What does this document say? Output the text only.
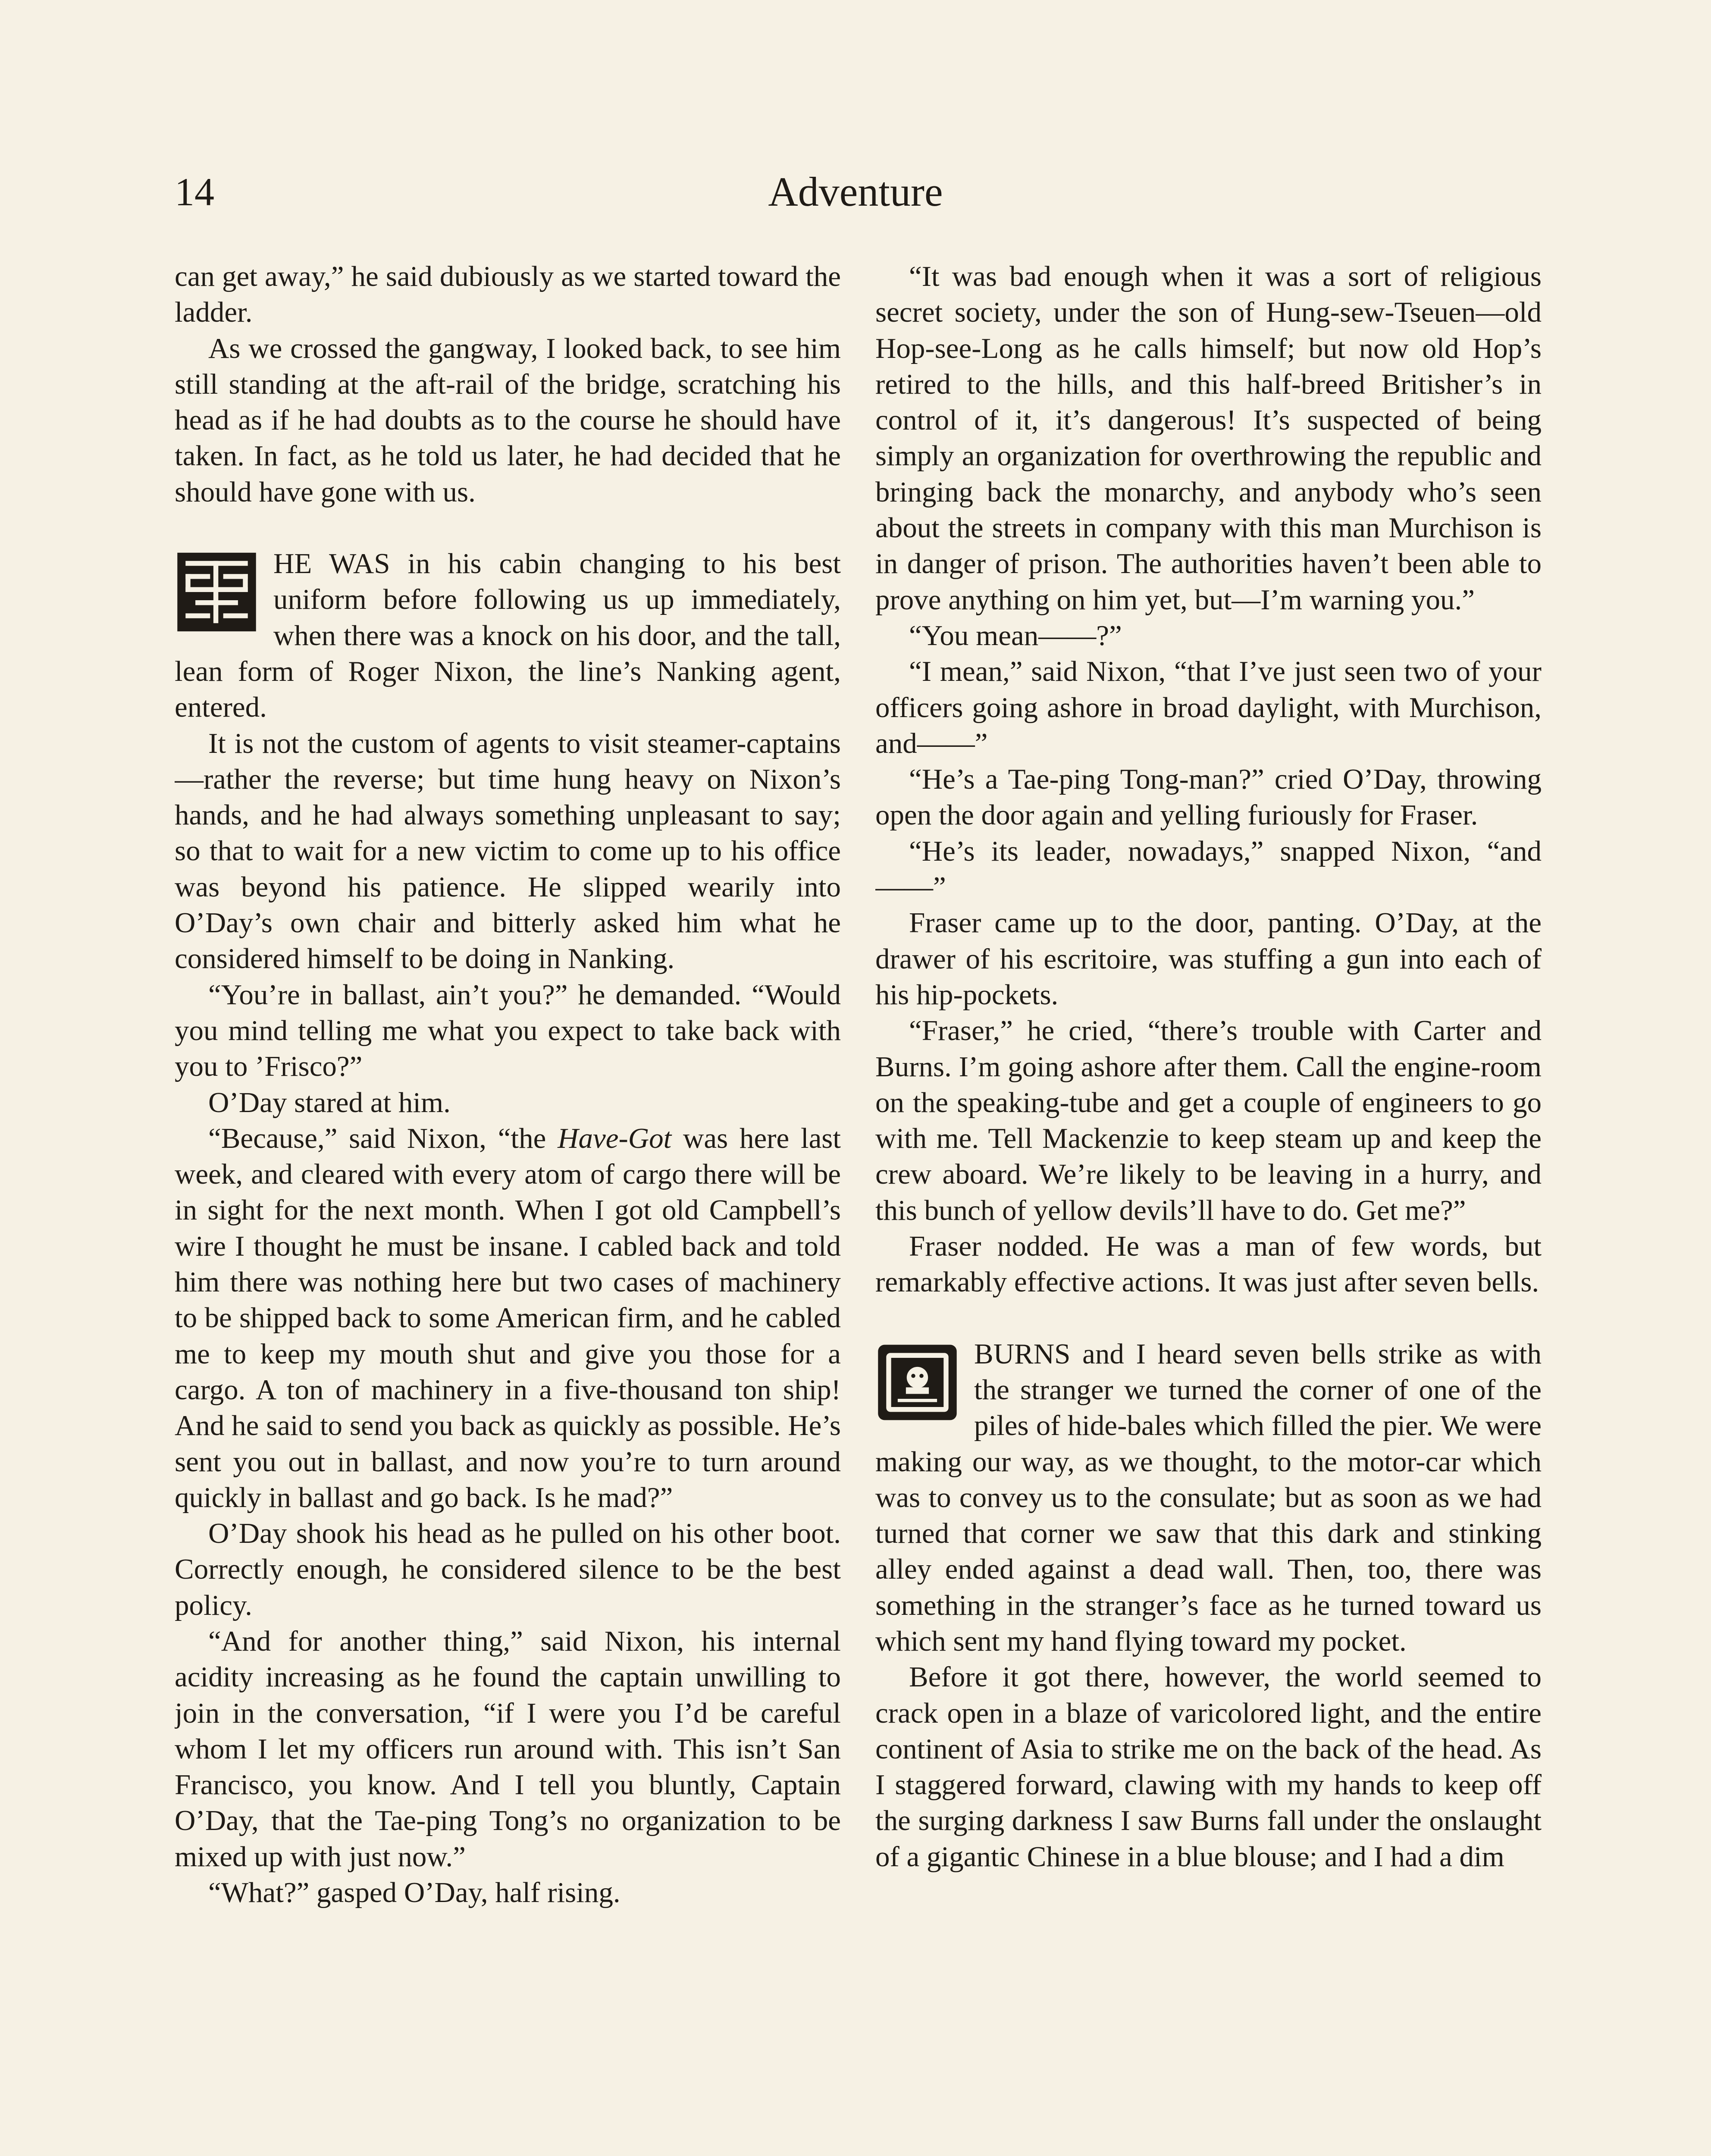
14	Adventure

can get away,” he said dubiously as we started toward the ladder.

As we crossed the gangway, I looked back, to see him still standing at the aft-rail of the bridge, scratching his head as if he had doubts as to the course he should have taken. In fact, as he told us later, he had decided that he should have gone with us.

HE WAS in his cabin changing to his best uniform before following us up immediately, when there was a knock on his door, and the tall, lean form of Roger Nixon, the line’s Nanking agent, entered.

It is not the custom of agents to visit steamer-captains—rather the reverse; but time hung heavy on Nixon’s hands, and he had always something unpleasant to say; so that to wait for a new victim to come up to his office was beyond his patience. He slipped wearily into O’Day’s own chair and bitterly asked him what he considered himself to be doing in Nanking.

“You’re in ballast, ain’t you?” he demanded. “Would you mind telling me what you expect to take back with you to ’Frisco?”

O’Day stared at him.

“Because,” said Nixon, “the Have-Got was here last week, and cleared with every atom of cargo there will be in sight for the next month. When I got old Campbell’s wire I thought he must be insane. I cabled back and told him there was nothing here but two cases of machinery to be shipped back to some American firm, and he cabled me to keep my mouth shut and give you those for a cargo. A ton of machinery in a five-thousand ton ship! And he said to send you back as quickly as possible. He’s sent you out in ballast, and now you’re to turn around quickly in ballast and go back. Is he mad?”

O’Day shook his head as he pulled on his other boot. Correctly enough, he considered silence to be the best policy.

“And for another thing,” said Nixon, his internal acidity increasing as he found the captain unwilling to join in the conversation, “if I were you I’d be careful whom I let my officers run around with. This isn’t San Francisco, you know. And I tell you bluntly, Captain O’Day, that the Tae-ping Tong’s no organization to be mixed up with just now.”

“What?” gasped O’Day, half rising.

“It was bad enough when it was a sort of religious secret society, under the son of Hung-sew-Tseuen—old Hop-see-Long as he calls himself; but now old Hop’s retired to the hills, and this half-breed Britisher’s in control of it, it’s dangerous! It’s suspected of being simply an organization for overthrowing the republic and bringing back the monarchy, and anybody who’s seen about the streets in company with this man Murchison is in danger of prison. The authorities haven’t been able to prove anything on him yet, but—I’m warning you.”

“You mean——?”

“I mean,” said Nixon, “that I’ve just seen two of your officers going ashore in broad daylight, with Murchison, and——”

“He’s a Tae-ping Tong-man?” cried O’Day, throwing open the door again and yelling furiously for Fraser.

“He’s its leader, nowadays,” snapped Nixon, “and——”

Fraser came up to the door, panting. O’Day, at the drawer of his escritoire, was stuffing a gun into each of his hip-pockets.

“Fraser,” he cried, “there’s trouble with Carter and Burns. I’m going ashore after them. Call the engine-room on the speaking-tube and get a couple of engineers to go with me. Tell Mackenzie to keep steam up and keep the crew aboard. We’re likely to be leaving in a hurry, and this bunch of yellow devils’ll have to do. Get me?”

Fraser nodded. He was a man of few words, but remarkably effective actions. It was just after seven bells.

BURNS and I heard seven bells strike as with the stranger we turned the corner of one of the piles of hide-bales which filled the pier. We were making our way, as we thought, to the motor-car which was to convey us to the consulate; but as soon as we had turned that corner we saw that this dark and stinking alley ended against a dead wall. Then, too, there was something in the stranger’s face as he turned toward us which sent my hand flying toward my pocket.

Before it got there, however, the world seemed to crack open in a blaze of varicolored light, and the entire continent of Asia to strike me on the back of the head. As I staggered forward, clawing with my hands to keep off the surging darkness I saw Burns fall under the onslaught of a gigantic Chinese in a blue blouse; and I had a dim
